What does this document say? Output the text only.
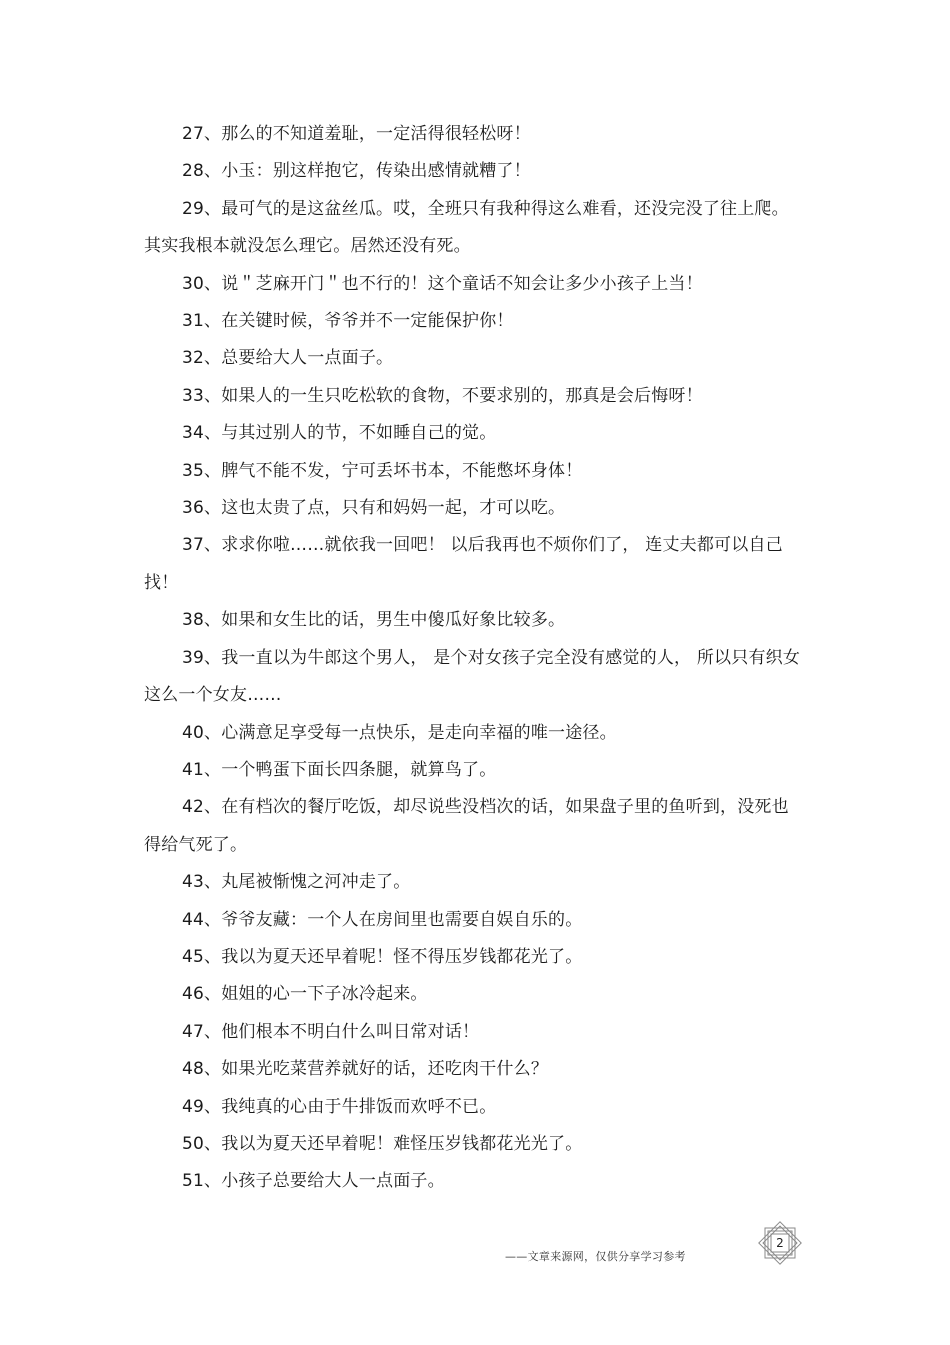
27、那么的不知道羞耻，一定活得很轻松呀！

28、小玉：别这样抱它，传染出感情就糟了！

29、最可气的是这盆丝瓜。哎，全班只有我种得这么难看，还没完没了往上爬。其实我根本就没怎么理它。居然还没有死。

30、说＂芝麻开门＂也不行的！这个童话不知会让多少小孩子上当！

31、在关键时候，爷爷并不一定能保护你！

32、总要给大人一点面子。

33、如果人的一生只吃松软的食物，不要求别的，那真是会后悔呀！

34、与其过别人的节，不如睡自己的觉。

35、脾气不能不发，宁可丢坏书本，不能憋坏身体！

36、这也太贵了点，只有和妈妈一起，才可以吃。

37、求求你啦……就依我一回吧！ 以后我再也不烦你们了， 连丈夫都可以自己找！

38、如果和女生比的话，男生中傻瓜好象比较多。

39、我一直以为牛郎这个男人， 是个对女孩子完全没有感觉的人， 所以只有织女这么一个女友……

40、心满意足享受每一点快乐，是走向幸福的唯一途径。

41、一个鸭蛋下面长四条腿，就算鸟了。

42、在有档次的餐厅吃饭，却尽说些没档次的话，如果盘子里的鱼听到，没死也得给气死了。

43、丸尾被惭愧之河冲走了。

44、爷爷友藏：一个人在房间里也需要自娱自乐的。

45、我以为夏天还早着呢！怪不得压岁钱都花光了。

46、姐姐的心一下子冰冷起来。

47、他们根本不明白什么叫日常对话！

48、如果光吃菜营养就好的话，还吃肉干什么？

49、我纯真的心由于牛排饭而欢呼不已。

50、我以为夏天还早着呢！难怪压岁钱都花光光了。

51、小孩子总要给大人一点面子。

——文章来源网，仅供分享学习参考
2
